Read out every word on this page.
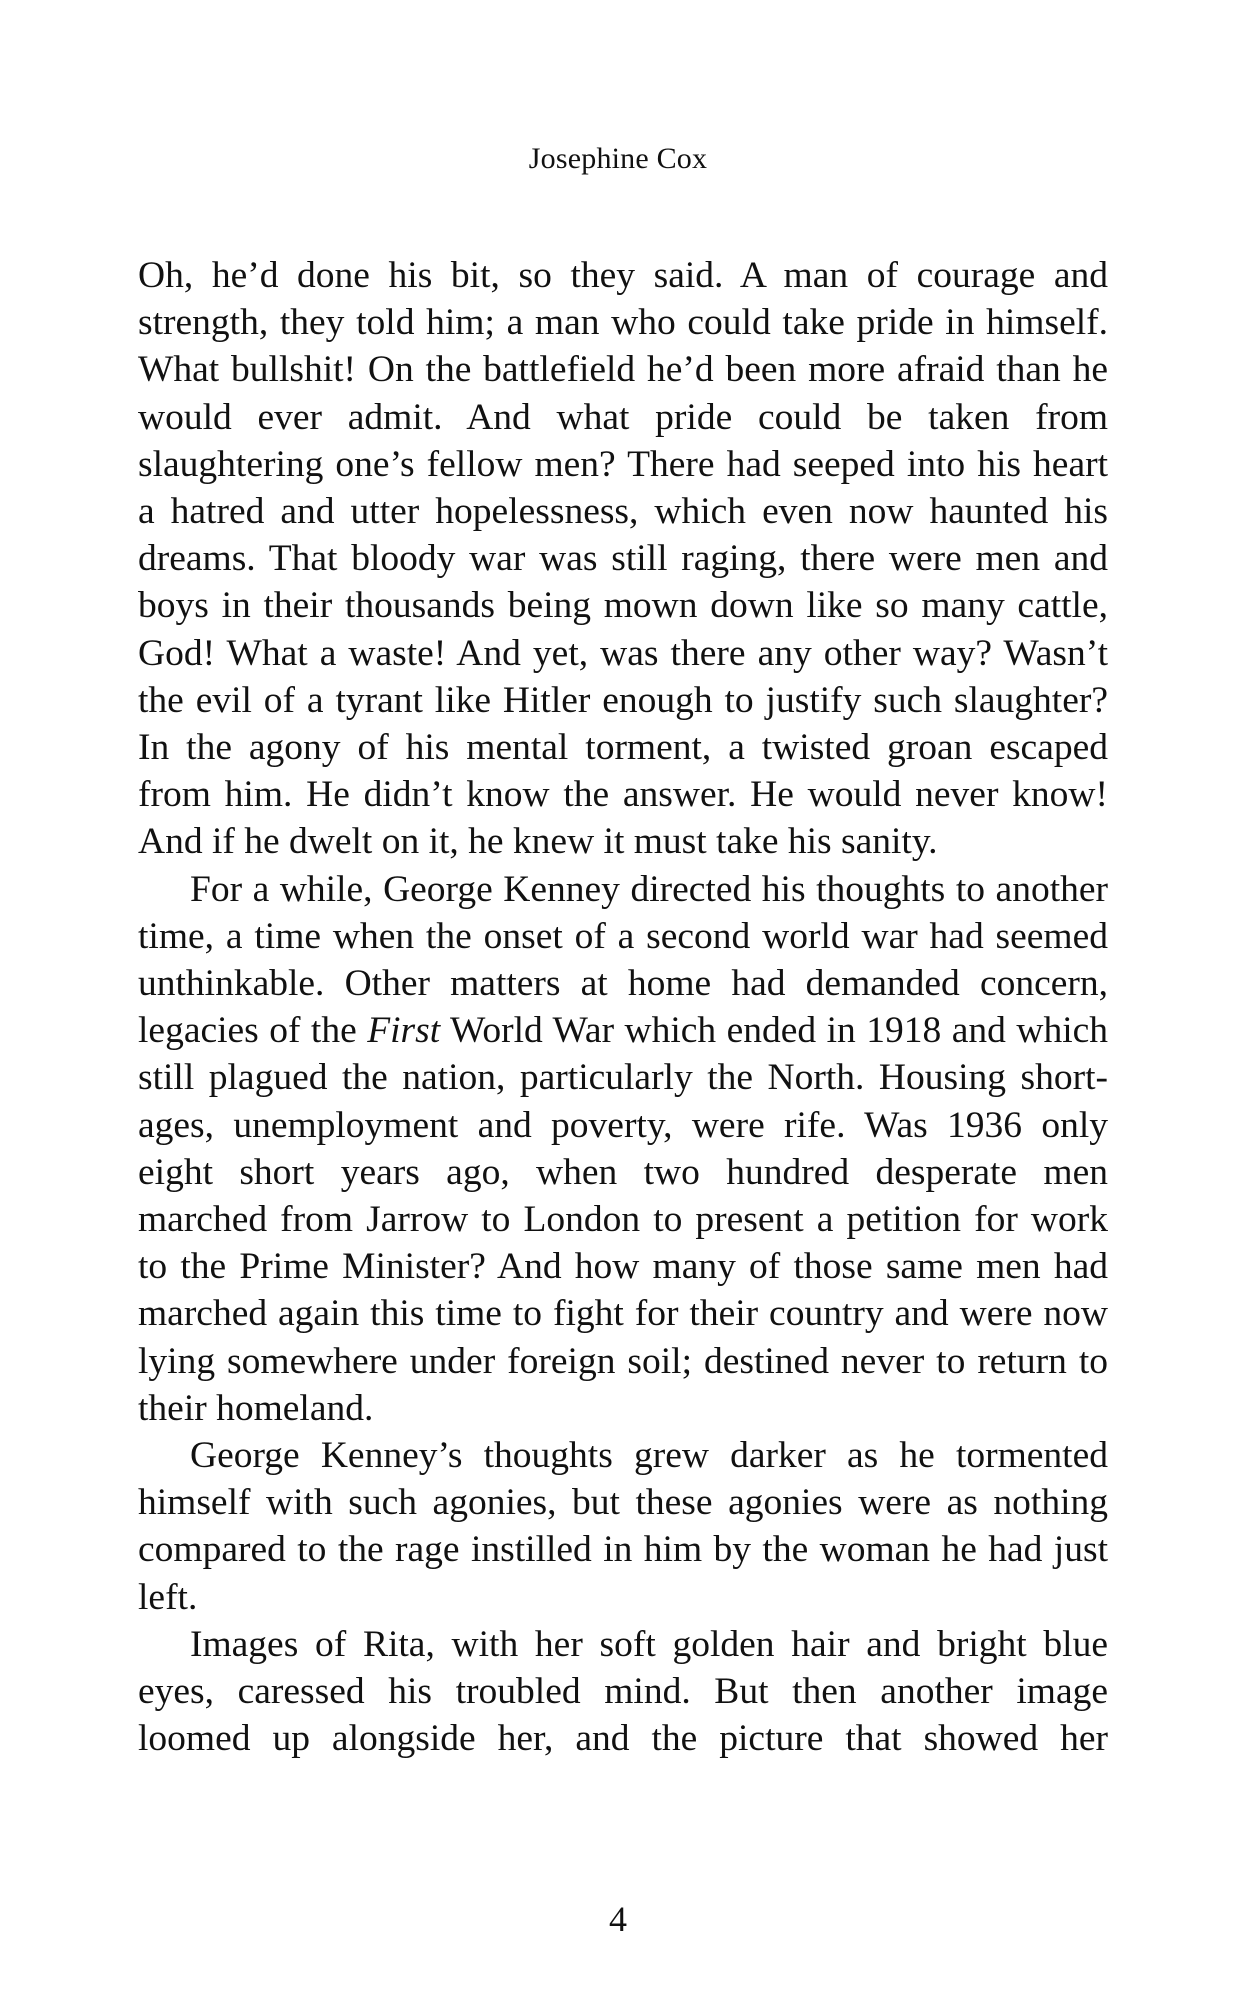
Josephine Cox

Oh, he’d done his bit, so they said. A man of courage and strength, they told him; a man who could take pride in himself. What bullshit! On the battlefield he’d been more afraid than he would ever admit. And what pride could be taken from slaughtering one’s fellow men? There had seeped into his heart a hatred and utter hopelessness, which even now haunted his dreams. That bloody war was still raging, there were men and boys in their thousands being mown down like so many cattle, God! What a waste! And yet, was there any other way? Wasn’t the evil of a tyrant like Hitler enough to justify such slaughter? In the agony of his mental torment, a twisted groan escaped from him. He didn’t know the answer. He would never know! And if he dwelt on it, he knew it must take his sanity.

For a while, George Kenney directed his thoughts to another time, a time when the onset of a second world war had seemed unthinkable. Other matters at home had demanded concern, legacies of the First World War which ended in 1918 and which still plagued the nation, particularly the North. Housing shortages, unemployment and poverty, were rife. Was 1936 only eight short years ago, when two hundred desperate men marched from Jarrow to London to present a petition for work to the Prime Minister? And how many of those same men had marched again this time to fight for their country and were now lying somewhere under foreign soil; destined never to return to their homeland.

George Kenney’s thoughts grew darker as he tormented himself with such agonies, but these agonies were as nothing compared to the rage instilled in him by the woman he had just left.

Images of Rita, with her soft golden hair and bright blue eyes, caressed his troubled mind. But then another image loomed up alongside her, and the picture that showed her

4
